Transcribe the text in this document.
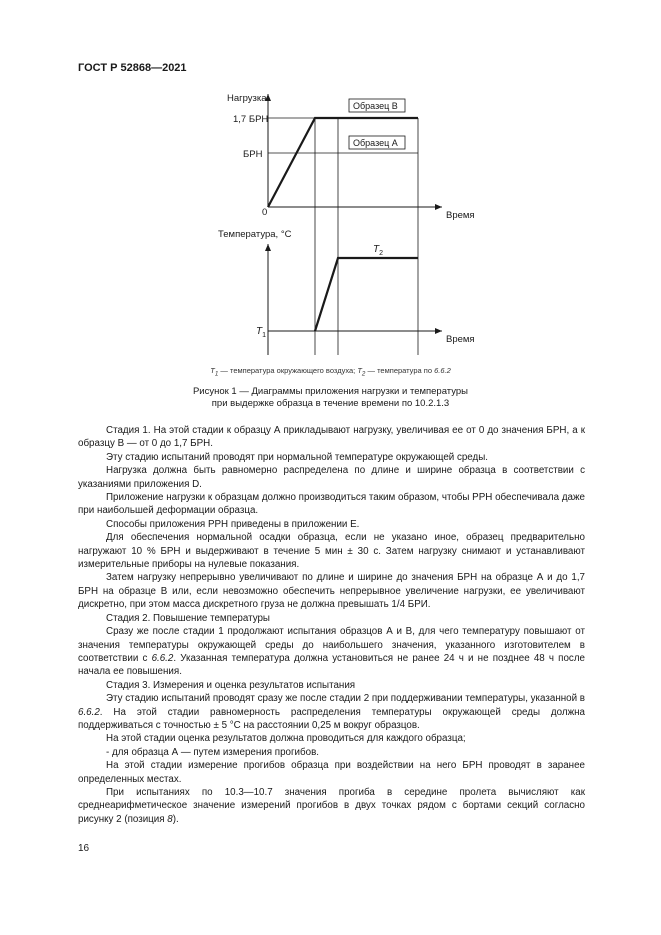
ГОСТ Р 52868—2021
Нагрузка
1,7 БРН
БРН
0	Время
Образец В
Образец А
Температура, °С
Время
$T_1$
$T_2$
$T_1$ — температура окружающего воздуха; $T_2$ — температура по 6.6.2
Рисунок 1 — Диаграммы приложения нагрузки и температуры
при выдержке образца в течение времени по 10.2.1.3

Стадия 1. На этой стадии к образцу А прикладывают нагрузку, увеличивая ее от 0 до значения БРН, а к образцу В — от 0 до 1,7 БРН.

Эту стадию испытаний проводят при нормальной температуре окружающей среды.

Нагрузка должна быть равномерно распределена по длине и ширине образца в соответствии с указаниями приложения D.

Приложение нагрузки к образцам должно производиться таким образом, чтобы РРН обеспечивала даже при наибольшей деформации образца.

Способы приложения РРН приведены в приложении Е.

Для обеспечения нормальной осадки образца, если не указано иное, образец предварительно нагружают 10 % БРН и выдерживают в течение 5 мин ± 30 с. Затем нагрузку снимают и устанавливают измерительные приборы на нулевые показания.

Затем нагрузку непрерывно увеличивают по длине и ширине до значения БРН на образце А и до 1,7 БРН на образце В или, если невозможно обеспечить непрерывное увеличение нагрузки, ее увеличивают дискретно, при этом масса дискретного груза не должна превышать 1/4 БРИ.

Стадия 2. Повышение температуры

Сразу же после стадии 1 продолжают испытания образцов А и В, для чего температуру повышают от значения температуры окружающей среды до наибольшего значения, указанного изготовителем в соответствии с 6.6.2. Указанная температура должна установиться не ранее 24 ч и не позднее 48 ч после начала ее повышения.

Стадия 3. Измерения и оценка результатов испытания

Эту стадию испытаний проводят сразу же после стадии 2 при поддерживании температуры, указанной в 6.6.2. На этой стадии равномерность распределения температуры окружающей среды должна поддерживаться с точностью ± 5 °С на расстоянии 0,25 м вокруг образцов.

На этой стадии оценка результатов должна проводиться для каждого образца;

- для образца А — путем измерения прогибов.

На этой стадии измерение прогибов образца при воздействии на него БРН проводят в заранее определенных местах.

При испытаниях по 10.3—10.7 значения прогиба в середине пролета вычисляют как среднеарифметическое значение измерений прогибов в двух точках рядом с бортами секций согласно рисунку 2 (позиция 8).

16
